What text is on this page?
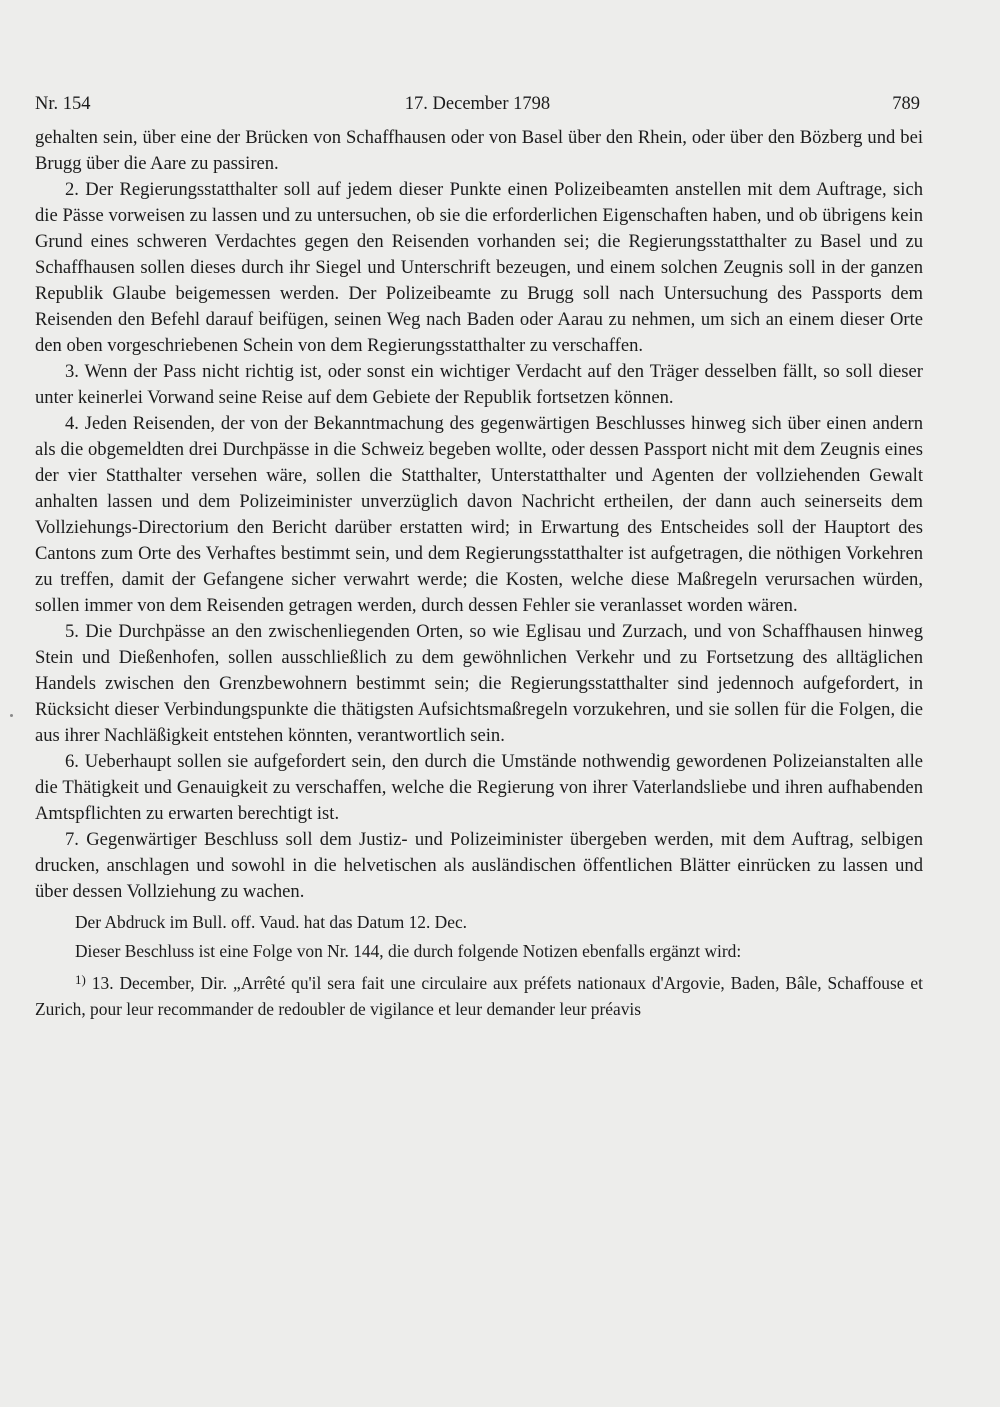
Nr. 154	17. December 1798	789

gehalten sein, über eine der Brücken von Schaffhausen oder von Basel über den Rhein, oder über den Bözberg und bei Brugg über die Aare zu passiren.

2. Der Regierungsstatthalter soll auf jedem dieser Punkte einen Polizeibeamten anstellen mit dem Auftrage, sich die Pässe vorweisen zu lassen und zu untersuchen, ob sie die erforderlichen Eigenschaften haben, und ob übrigens kein Grund eines schweren Verdachtes gegen den Reisenden vorhanden sei; die Regierungsstatthalter zu Basel und zu Schaffhausen sollen dieses durch ihr Siegel und Unterschrift bezeugen, und einem solchen Zeugnis soll in der ganzen Republik Glaube beigemessen werden. Der Polizeibeamte zu Brugg soll nach Untersuchung des Passports dem Reisenden den Befehl darauf beifügen, seinen Weg nach Baden oder Aarau zu nehmen, um sich an einem dieser Orte den oben vorgeschriebenen Schein von dem Regierungsstatthalter zu verschaffen.

3. Wenn der Pass nicht richtig ist, oder sonst ein wichtiger Verdacht auf den Träger desselben fällt, so soll dieser unter keinerlei Vorwand seine Reise auf dem Gebiete der Republik fortsetzen können.

4. Jeden Reisenden, der von der Bekanntmachung des gegenwärtigen Beschlusses hinweg sich über einen andern als die obgemeldten drei Durchpässe in die Schweiz begeben wollte, oder dessen Passport nicht mit dem Zeugnis eines der vier Statthalter versehen wäre, sollen die Statthalter, Unterstatthalter und Agenten der vollziehenden Gewalt anhalten lassen und dem Polizeiminister unverzüglich davon Nachricht ertheilen, der dann auch seinerseits dem Vollziehungs-Directorium den Bericht darüber erstatten wird; in Erwartung des Entscheides soll der Hauptort des Cantons zum Orte des Verhaftes bestimmt sein, und dem Regierungsstatthalter ist aufgetragen, die nöthigen Vorkehren zu treffen, damit der Gefangene sicher verwahrt werde; die Kosten, welche diese Maßregeln verursachen würden, sollen immer von dem Reisenden getragen werden, durch dessen Fehler sie veranlasset worden wären.

5. Die Durchpässe an den zwischenliegenden Orten, so wie Eglisau und Zurzach, und von Schaffhausen hinweg Stein und Dießenhofen, sollen ausschließlich zu dem gewöhnlichen Verkehr und zu Fortsetzung des alltäglichen Handels zwischen den Grenzbewohnern bestimmt sein; die Regierungsstatthalter sind jedennoch aufgefordert, in Rücksicht dieser Verbindungspunkte die thätigsten Aufsichtsmaßregeln vorzukehren, und sie sollen für die Folgen, die aus ihrer Nachläßigkeit entstehen könnten, verantwortlich sein.

6. Ueberhaupt sollen sie aufgefordert sein, den durch die Umstände nothwendig gewordenen Polizeianstalten alle die Thätigkeit und Genauigkeit zu verschaffen, welche die Regierung von ihrer Vaterlandsliebe und ihren aufhabenden Amtspflichten zu erwarten berechtigt ist.

7. Gegenwärtiger Beschluss soll dem Justiz- und Polizeiminister übergeben werden, mit dem Auftrag, selbigen drucken, anschlagen und sowohl in die helvetischen als ausländischen öffentlichen Blätter einrücken zu lassen und über dessen Vollziehung zu wachen.

Der Abdruck im Bull. off. Vaud. hat das Datum 12. Dec.

Dieser Beschluss ist eine Folge von Nr. 144, die durch folgende Notizen ebenfalls ergänzt wird:

$^{1)}$ 13. December, Dir. „Arrêté qu'il sera fait une circulaire aux préfets nationaux d'Argovie, Baden, Bâle, Schaffouse et Zurich, pour leur recommander de redoubler de vigilance et leur demander leur préavis
